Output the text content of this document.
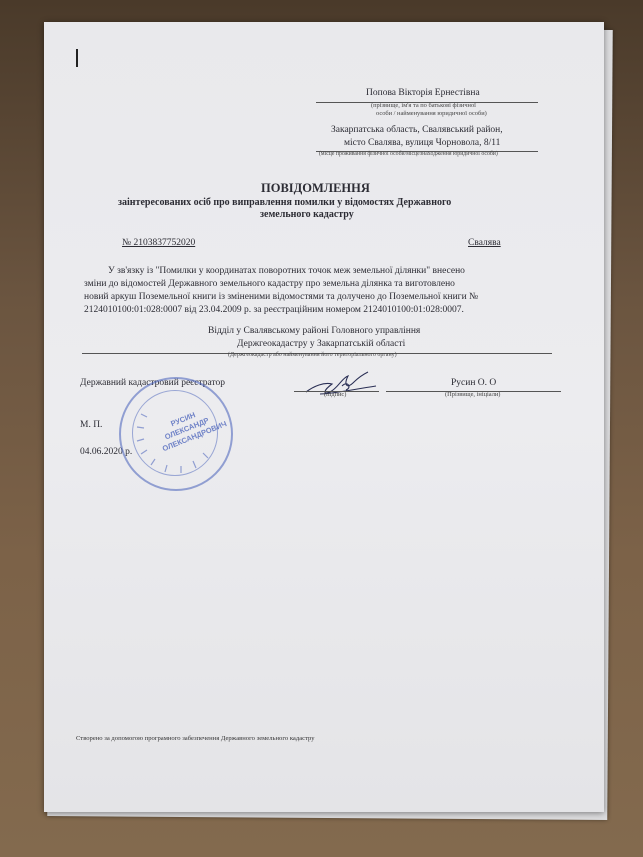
Попова Вікторія Ернестівна
(прізвище, ім'я та по батькові фізичної
особи / найменування юридичної особи)
Закарпатська область, Свалявський район,
місто Свалява, вулиця Чорновола, 8/11
(місце проживання фізичної особи/місцезнаходження юридичної особи)
ПОВІДОМЛЕННЯ
заінтересованих осіб про виправлення помилки у відомостях Державного
земельного кадастру
№ 2103837752020	Свалява
У зв'язку із "Помилки у координатах поворотних точок меж земельної ділянки" внесено
зміни до відомостей Державного земельного кадастру про земельна ділянка та виготовлено
новий аркуш Поземельної книги із зміненими відомостями та долучено до Поземельної книги №
2124010100:01:028:0007 від 23.04.2009 р. за реєстраційним номером 2124010100:01:028:0007.
Відділ у Свалявському районі Головного управління
Держгеокадастру у Закарпатській області
(Держгеокадастр або найменування його територіального органу)
Державний кадастровий реєстратор
(підпис)
Русин О. О
(Прізвище, ініціали)
М. П.
04.06.2020 р.
РУСИН ОЛЕКСАНДР ОЛЕКСАНДРОВИЧ
Створено за допомогою програмного забезпечення Державного земельного кадастру
